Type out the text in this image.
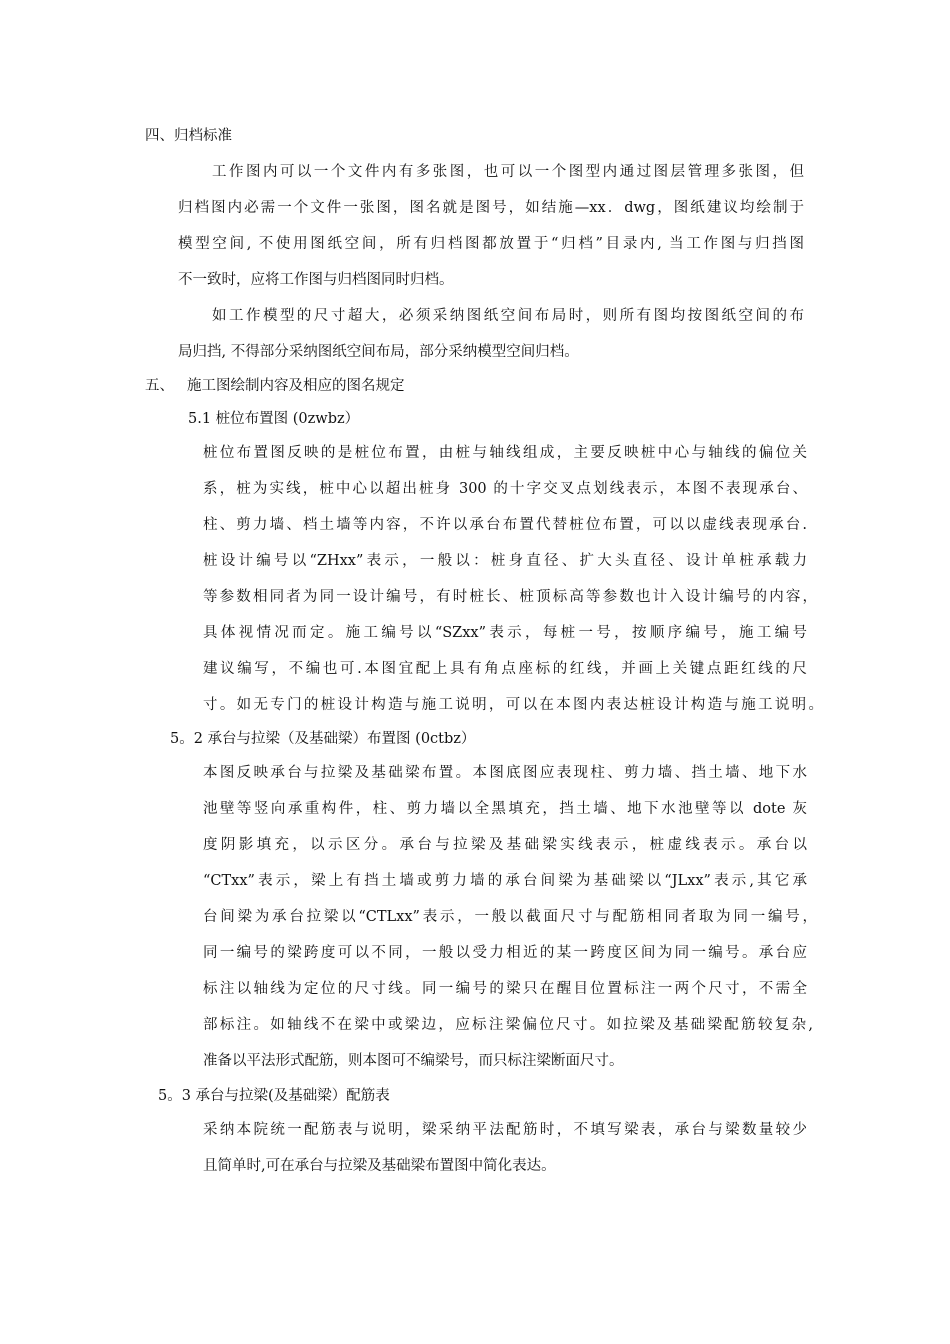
四、归档标准
工作图内可以一个文件内有多张图，也可以一个图型内通过图层管理多张图，但
归档图内必需一个文件一张图，图名就是图号，如结施—xx．dwg，图纸建议均绘制于
模型空间, 不使用图纸空间，所有归档图都放置于“归档”目录内, 当工作图与归挡图
不一致时，应将工作图与归档图同时归档。
如工作模型的尺寸超大，必须采纳图纸空间布局时，则所有图均按图纸空间的布
局归挡, 不得部分采纳图纸空间布局，部分采纳模型空间归档。
五、 施工图绘制内容及相应的图名规定
5.1 桩位布置图 (0zwbz）
桩位布置图反映的是桩位布置，由桩与轴线组成，主要反映桩中心与轴线的偏位关
系，桩为实线，桩中心以超出桩身 300 的十字交叉点划线表示，本图不表现承台、
柱、剪力墙、档土墙等内容，不许以承台布置代替桩位布置，可以以虚线表现承台.
桩设计编号以“ZHxx”表示，一般以：桩身直径、扩大头直径、设计单桩承载力
等参数相同者为同一设计编号，有时桩长、桩顶标高等参数也计入设计编号的内容，
具体视情况而定。施工编号以“SZxx”表示，每桩一号，按顺序编号，施工编号
建议编写，不编也可.本图宜配上具有角点座标的红线，并画上关键点距红线的尺
寸。如无专门的桩设计构造与施工说明，可以在本图内表达桩设计构造与施工说明。
5。2 承台与拉梁（及基础梁）布置图 (0ctbz）
本图反映承台与拉梁及基础梁布置。本图底图应表现柱、剪力墙、挡土墙、地下水
池壁等竖向承重构件，柱、剪力墙以全黑填充，挡土墙、地下水池壁等以 dote 灰
度阴影填充，以示区分。承台与拉梁及基础梁实线表示，桩虚线表示。承台以
“CTxx”表示，梁上有挡土墙或剪力墙的承台间梁为基础梁以“JLxx”表示,其它承
台间梁为承台拉梁以“CTLxx”表示，一般以截面尺寸与配筋相同者取为同一编号，
同一编号的梁跨度可以不同，一般以受力相近的某一跨度区间为同一编号。承台应
标注以轴线为定位的尺寸线。同一编号的梁只在醒目位置标注一两个尺寸，不需全
部标注。如轴线不在梁中或梁边，应标注梁偏位尺寸。如拉梁及基础梁配筋较复杂,
准备以平法形式配筋，则本图可不编梁号，而只标注梁断面尺寸。
5。3 承台与拉梁(及基础梁）配筋表
采纳本院统一配筋表与说明，梁采纳平法配筋时，不填写梁表，承台与梁数量较少
且简单时,可在承台与拉梁及基础梁布置图中简化表达。
